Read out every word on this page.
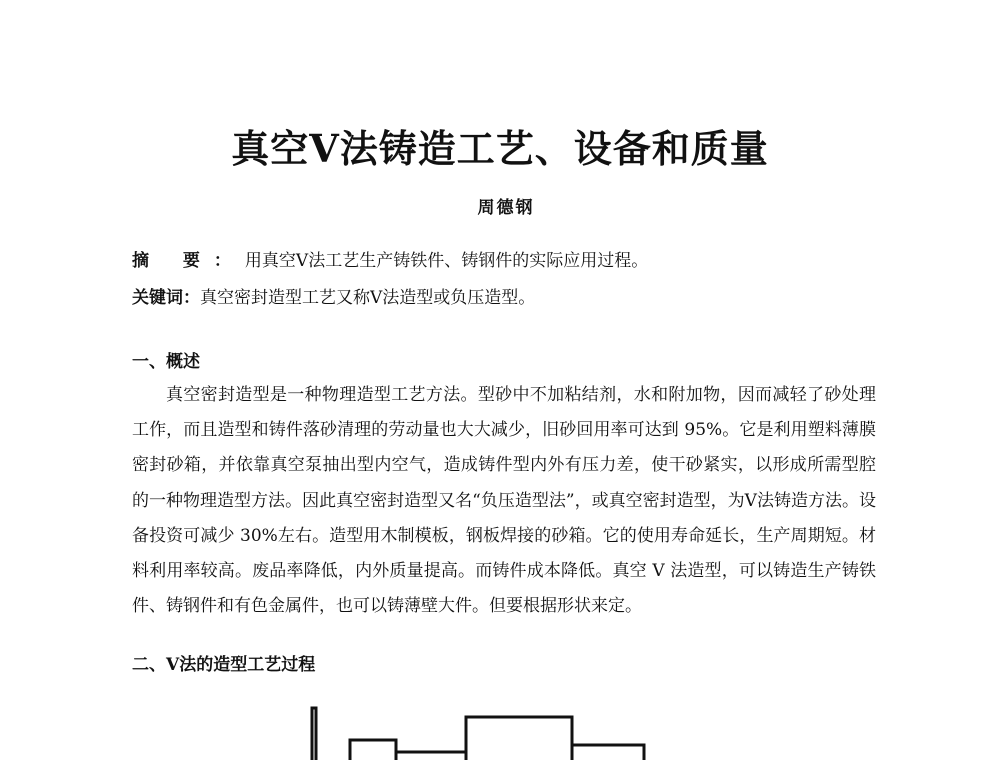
真空V法铸造工艺、设备和质量
周德钢
摘 要：用真空V法工艺生产铸铁件、铸钢件的实际应用过程。
关键词：真空密封造型工艺又称V法造型或负压造型。
一、概述

真空密封造型是一种物理造型工艺方法。型砂中不加粘结剂，水和附加物，因而减轻了砂处理工作，而且造型和铸件落砂清理的劳动量也大大减少，旧砂回用率可达到 95%。它是利用塑料薄膜密封砂箱，并依靠真空泵抽出型内空气，造成铸件型内外有压力差，使干砂紧实，以形成所需型腔的一种物理造型方法。因此真空密封造型又名“负压造型法”，或真空密封造型，为V法铸造方法。设备投资可减少 30%左右。造型用木制模板，钢板焊接的砂箱。它的使用寿命延长，生产周期短。材料利用率较高。废品率降低，内外质量提高。而铸件成本降低。真空 V 法造型，可以铸造生产铸铁件、铸钢件和有色金属件，也可以铸薄壁大件。但要根据形状来定。

二、V法的造型工艺过程
